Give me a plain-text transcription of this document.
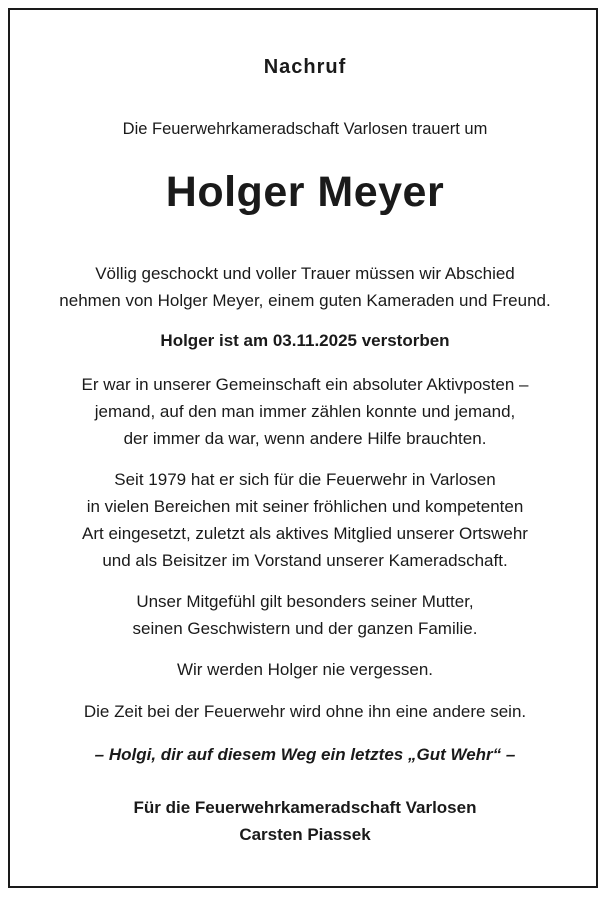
Nachruf
Die Feuerwehrkameradschaft Varlosen trauert um
Holger Meyer
Völlig geschockt und voller Trauer müssen wir Abschied
nehmen von Holger Meyer, einem guten Kameraden und Freund.
Holger ist am 03.11.2025 verstorben
Er war in unserer Gemeinschaft ein absoluter Aktivposten –
jemand, auf den man immer zählen konnte und jemand,
der immer da war, wenn andere Hilfe brauchten.
Seit 1979 hat er sich für die Feuerwehr in Varlosen
in vielen Bereichen mit seiner fröhlichen und kompetenten
Art eingesetzt, zuletzt als aktives Mitglied unserer Ortswehr
und als Beisitzer im Vorstand unserer Kameradschaft.
Unser Mitgefühl gilt besonders seiner Mutter,
seinen Geschwistern und der ganzen Familie.
Wir werden Holger nie vergessen.
Die Zeit bei der Feuerwehr wird ohne ihn eine andere sein.
– Holgi, dir auf diesem Weg ein letztes „Gut Wehr“ –
Für die Feuerwehrkameradschaft Varlosen
Carsten Piassek
